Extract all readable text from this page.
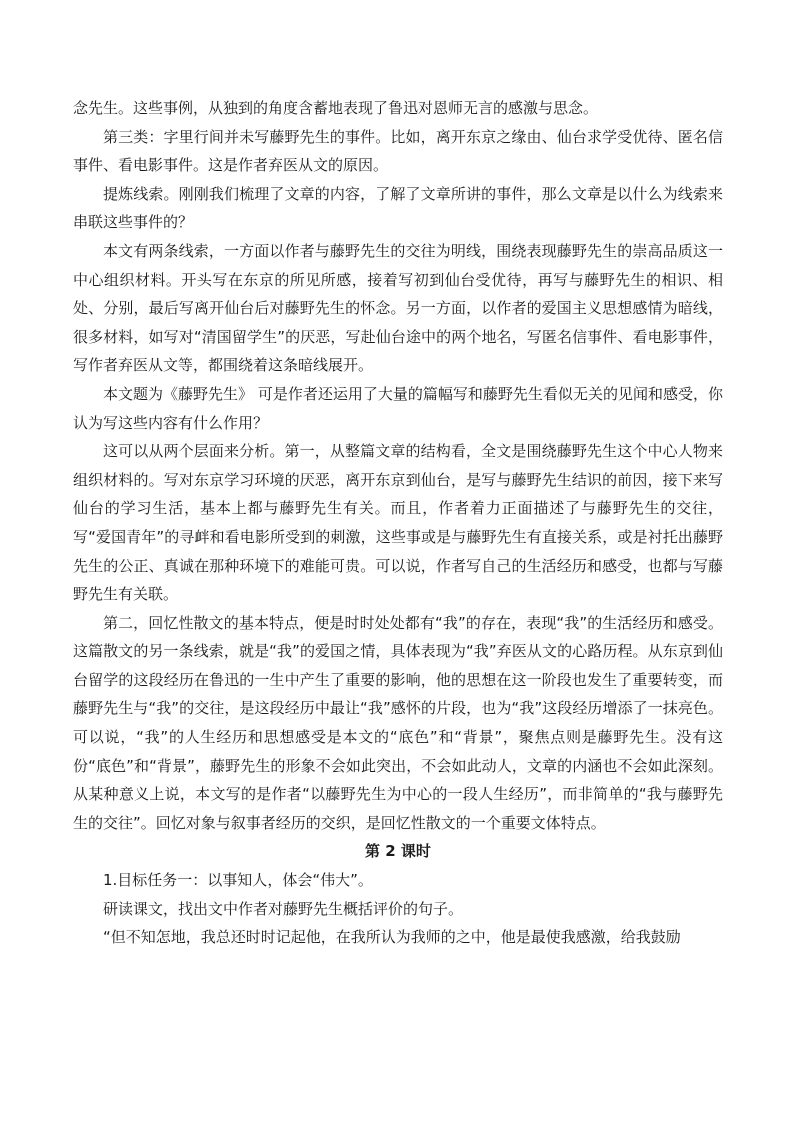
念先生。这些事例，从独到的角度含蓄地表现了鲁迅对恩师无言的感激与思念。

第三类：字里行间并未写藤野先生的事件。比如，离开东京之缘由、仙台求学受优待、匿名信事件、看电影事件。这是作者弃医从文的原因。

提炼线索。刚刚我们梳理了文章的内容，了解了文章所讲的事件，那么文章是以什么为线索来串联这些事件的？

本文有两条线索，一方面以作者与藤野先生的交往为明线，围绕表现藤野先生的崇高品质这一中心组织材料。开头写在东京的所见所感，接着写初到仙台受优待，再写与藤野先生的相识、相处、分别，最后写离开仙台后对藤野先生的怀念。另一方面，以作者的爱国主义思想感情为暗线，很多材料，如写对“清国留学生”的厌恶，写赴仙台途中的两个地名，写匿名信事件、看电影事件，写作者弃医从文等，都围绕着这条暗线展开。

本文题为《藤野先生》 可是作者还运用了大量的篇幅写和藤野先生看似无关的见闻和感受，你认为写这些内容有什么作用？

这可以从两个层面来分析。第一，从整篇文章的结构看，全文是围绕藤野先生这个中心人物来组织材料的。写对东京学习环境的厌恶，离开东京到仙台，是写与藤野先生结识的前因，接下来写仙台的学习生活，基本上都与藤野先生有关。而且，作者着力正面描述了与藤野先生的交往，写“爱国青年”的寻衅和看电影所受到的刺激，这些事或是与藤野先生有直接关系，或是衬托出藤野先生的公正、真诚在那种环境下的难能可贵。可以说，作者写自己的生活经历和感受，也都与写藤野先生有关联。

第二，回忆性散文的基本特点，便是时时处处都有“我”的存在，表现“我”的生活经历和感受。这篇散文的另一条线索，就是“我”的爱国之情，具体表现为“我”弃医从文的心路历程。从东京到仙台留学的这段经历在鲁迅的一生中产生了重要的影响，他的思想在这一阶段也发生了重要转变，而藤野先生与“我”的交往，是这段经历中最让“我”感怀的片段，也为“我”这段经历增添了一抹亮色。可以说，“我”的人生经历和思想感受是本文的“底色”和“背景”，聚焦点则是藤野先生。没有这份“底色”和“背景”，藤野先生的形象不会如此突出，不会如此动人，文章的内涵也不会如此深刻。从某种意义上说，本文写的是作者“以藤野先生为中心的一段人生经历”，而非简单的“我与藤野先生的交往”。回忆对象与叙事者经历的交织，是回忆性散文的一个重要文体特点。

第 2 课时

1.目标任务一：以事知人，体会“伟大”。

研读课文，找出文中作者对藤野先生概括评价的句子。

“但不知怎地，我总还时时记起他，在我所认为我师的之中，他是最使我感激，给我鼓励
